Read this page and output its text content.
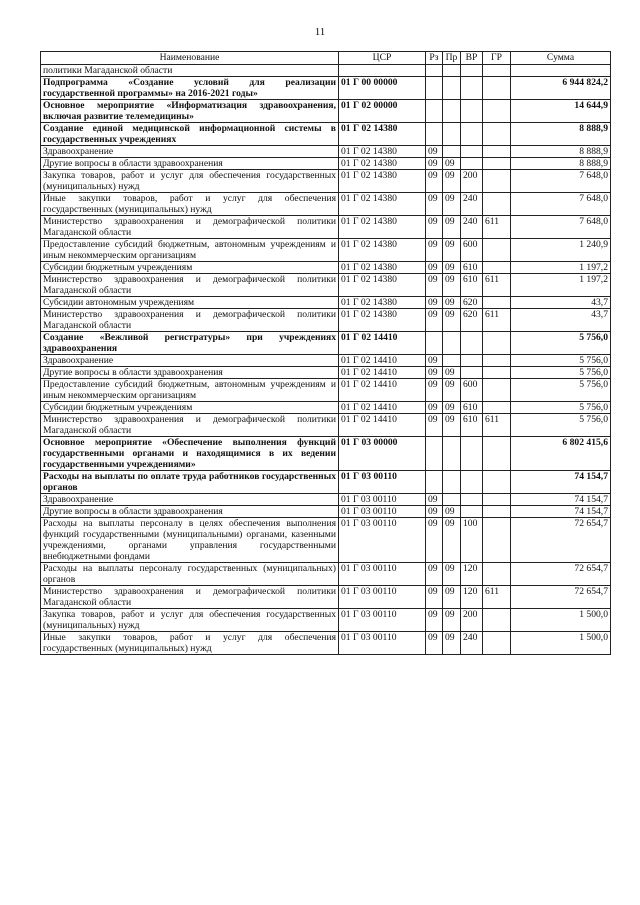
11
Наименование	ЦСР	Рз	Пр	ВР	ГР	Сумма
политики Магаданской области						
Подпрограмма «Создание условий для реализации государственной программы» на 2016-2021 годы»	01 Г 00 00000					6 944 824,2
Основное мероприятие «Информатизация здравоохранения, включая развитие телемедицины»	01 Г 02 00000					14 644,9
Создание единой медицинской информационной системы в государственных учреждениях	01 Г 02 14380					8 888,9
Здравоохранение	01 Г 02 14380	09				8 888,9
Другие вопросы в области здравоохранения	01 Г 02 14380	09	09			8 888,9
Закупка товаров, работ и услуг для обеспечения государственных (муниципальных) нужд	01 Г 02 14380	09	09	200		7 648,0
Иные закупки товаров, работ и услуг для обеспечения государственных (муниципальных) нужд	01 Г 02 14380	09	09	240		7 648,0
Министерство здравоохранения и демографической политики Магаданской области	01 Г 02 14380	09	09	240	611	7 648,0
Предоставление субсидий бюджетным, автономным учреждениям и иным некоммерческим организациям	01 Г 02 14380	09	09	600		1 240,9
Субсидии бюджетным учреждениям	01 Г 02 14380	09	09	610		1 197,2
Министерство здравоохранения и демографической политики Магаданской области	01 Г 02 14380	09	09	610	611	1 197,2
Субсидии автономным учреждениям	01 Г 02 14380	09	09	620		43,7
Министерство здравоохранения и демографической политики Магаданской области	01 Г 02 14380	09	09	620	611	43,7
Создание «Вежливой регистратуры» при учреждениях здравоохранения	01 Г 02 14410					5 756,0
Здравоохранение	01 Г 02 14410	09				5 756,0
Другие вопросы в области здравоохранения	01 Г 02 14410	09	09			5 756,0
Предоставление субсидий бюджетным, автономным учреждениям и иным некоммерческим организациям	01 Г 02 14410	09	09	600		5 756,0
Субсидии бюджетным учреждениям	01 Г 02 14410	09	09	610		5 756,0
Министерство здравоохранения и демографической политики Магаданской области	01 Г 02 14410	09	09	610	611	5 756,0
Основное мероприятие «Обеспечение выполнения функций государственными органами и находящимися в их ведении государственными учреждениями»	01 Г 03 00000					6 802 415,6
Расходы на выплаты по оплате труда работников государственных органов	01 Г 03 00110					74 154,7
Здравоохранение	01 Г 03 00110	09				74 154,7
Другие вопросы в области здравоохранения	01 Г 03 00110	09	09			74 154,7
Расходы на выплаты персоналу в целях обеспечения выполнения функций государственными (муниципальными) органами, казенными учреждениями, органами управления государственными внебюджетными фондами	01 Г 03 00110	09	09	100		72 654,7
Расходы на выплаты персоналу государственных (муниципальных) органов	01 Г 03 00110	09	09	120		72 654,7
Министерство здравоохранения и демографической политики Магаданской области	01 Г 03 00110	09	09	120	611	72 654,7
Закупка товаров, работ и услуг для обеспечения государственных (муниципальных) нужд	01 Г 03 00110	09	09	200		1 500,0
Иные закупки товаров, работ и услуг для обеспечения государственных (муниципальных) нужд	01 Г 03 00110	09	09	240		1 500,0
